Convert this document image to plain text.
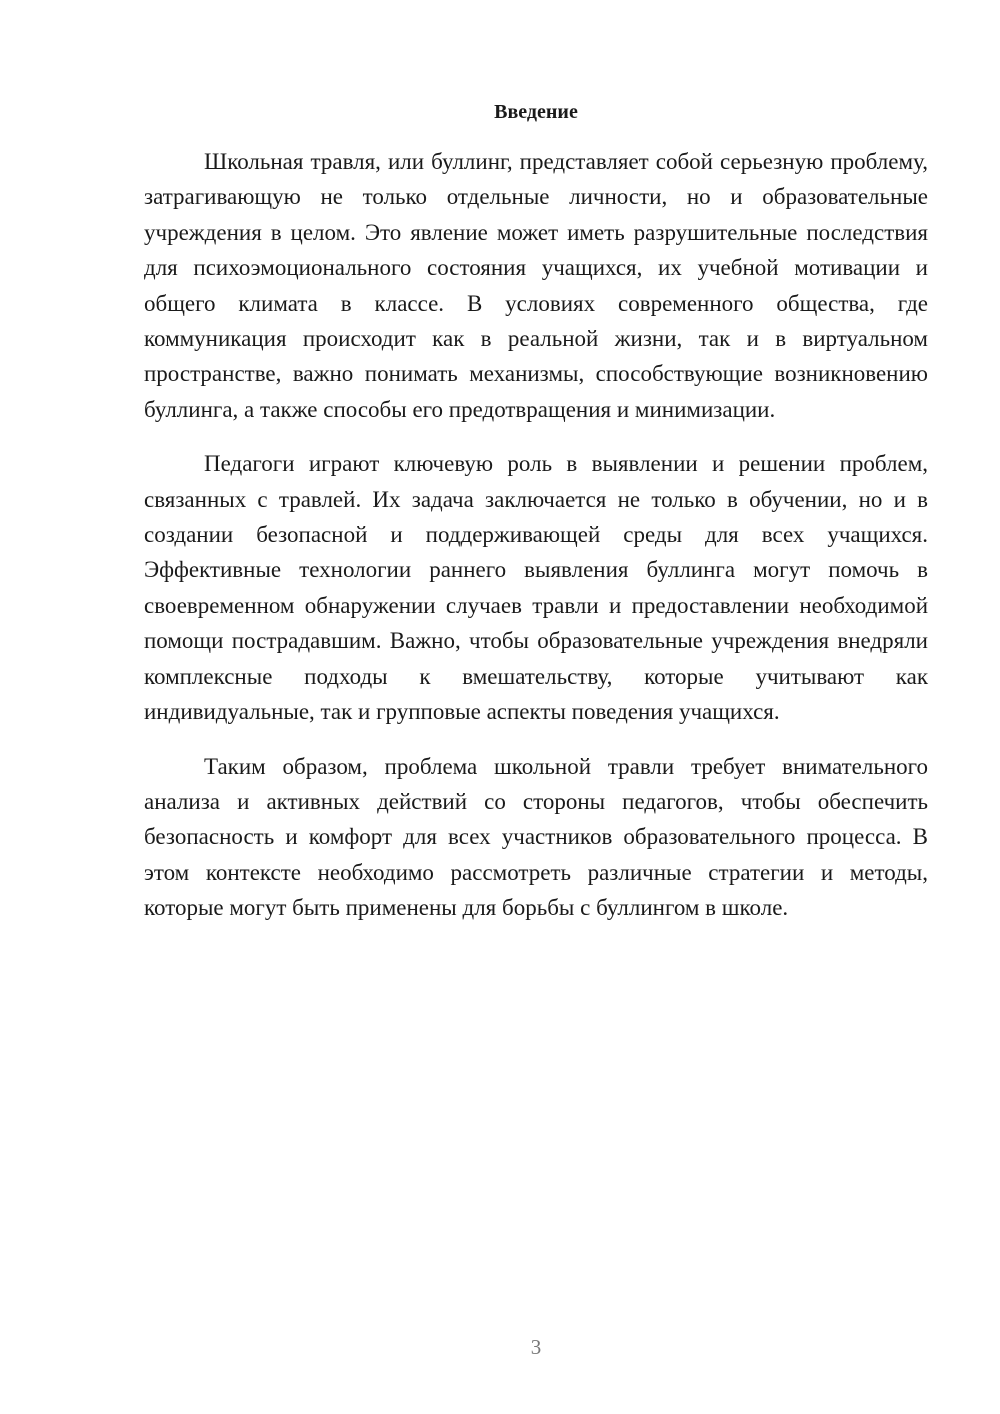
Введение

Школьная травля, или буллинг, представляет собой серьезную проблему, затрагивающую не только отдельные личности, но и образовательные учреждения в целом. Это явление может иметь разрушительные последствия для психоэмоционального состояния учащихся, их учебной мотивации и общего климата в классе. В условиях современного общества, где коммуникация происходит как в реальной жизни, так и в виртуальном пространстве, важно понимать механизмы, способствующие возникновению буллинга, а также способы его предотвращения и минимизации.

Педагоги играют ключевую роль в выявлении и решении проблем, связанных с травлей. Их задача заключается не только в обучении, но и в создании безопасной и поддерживающей среды для всех учащихся. Эффективные технологии раннего выявления буллинга могут помочь в своевременном обнаружении случаев травли и предоставлении необходимой помощи пострадавшим. Важно, чтобы образовательные учреждения внедряли комплексные подходы к вмешательству, которые учитывают как индивидуальные, так и групповые аспекты поведения учащихся.

Таким образом, проблема школьной травли требует внимательного анализа и активных действий со стороны педагогов, чтобы обеспечить безопасность и комфорт для всех участников образовательного процесса. В этом контексте необходимо рассмотреть различные стратегии и методы, которые могут быть применены для борьбы с буллингом в школе.

3
